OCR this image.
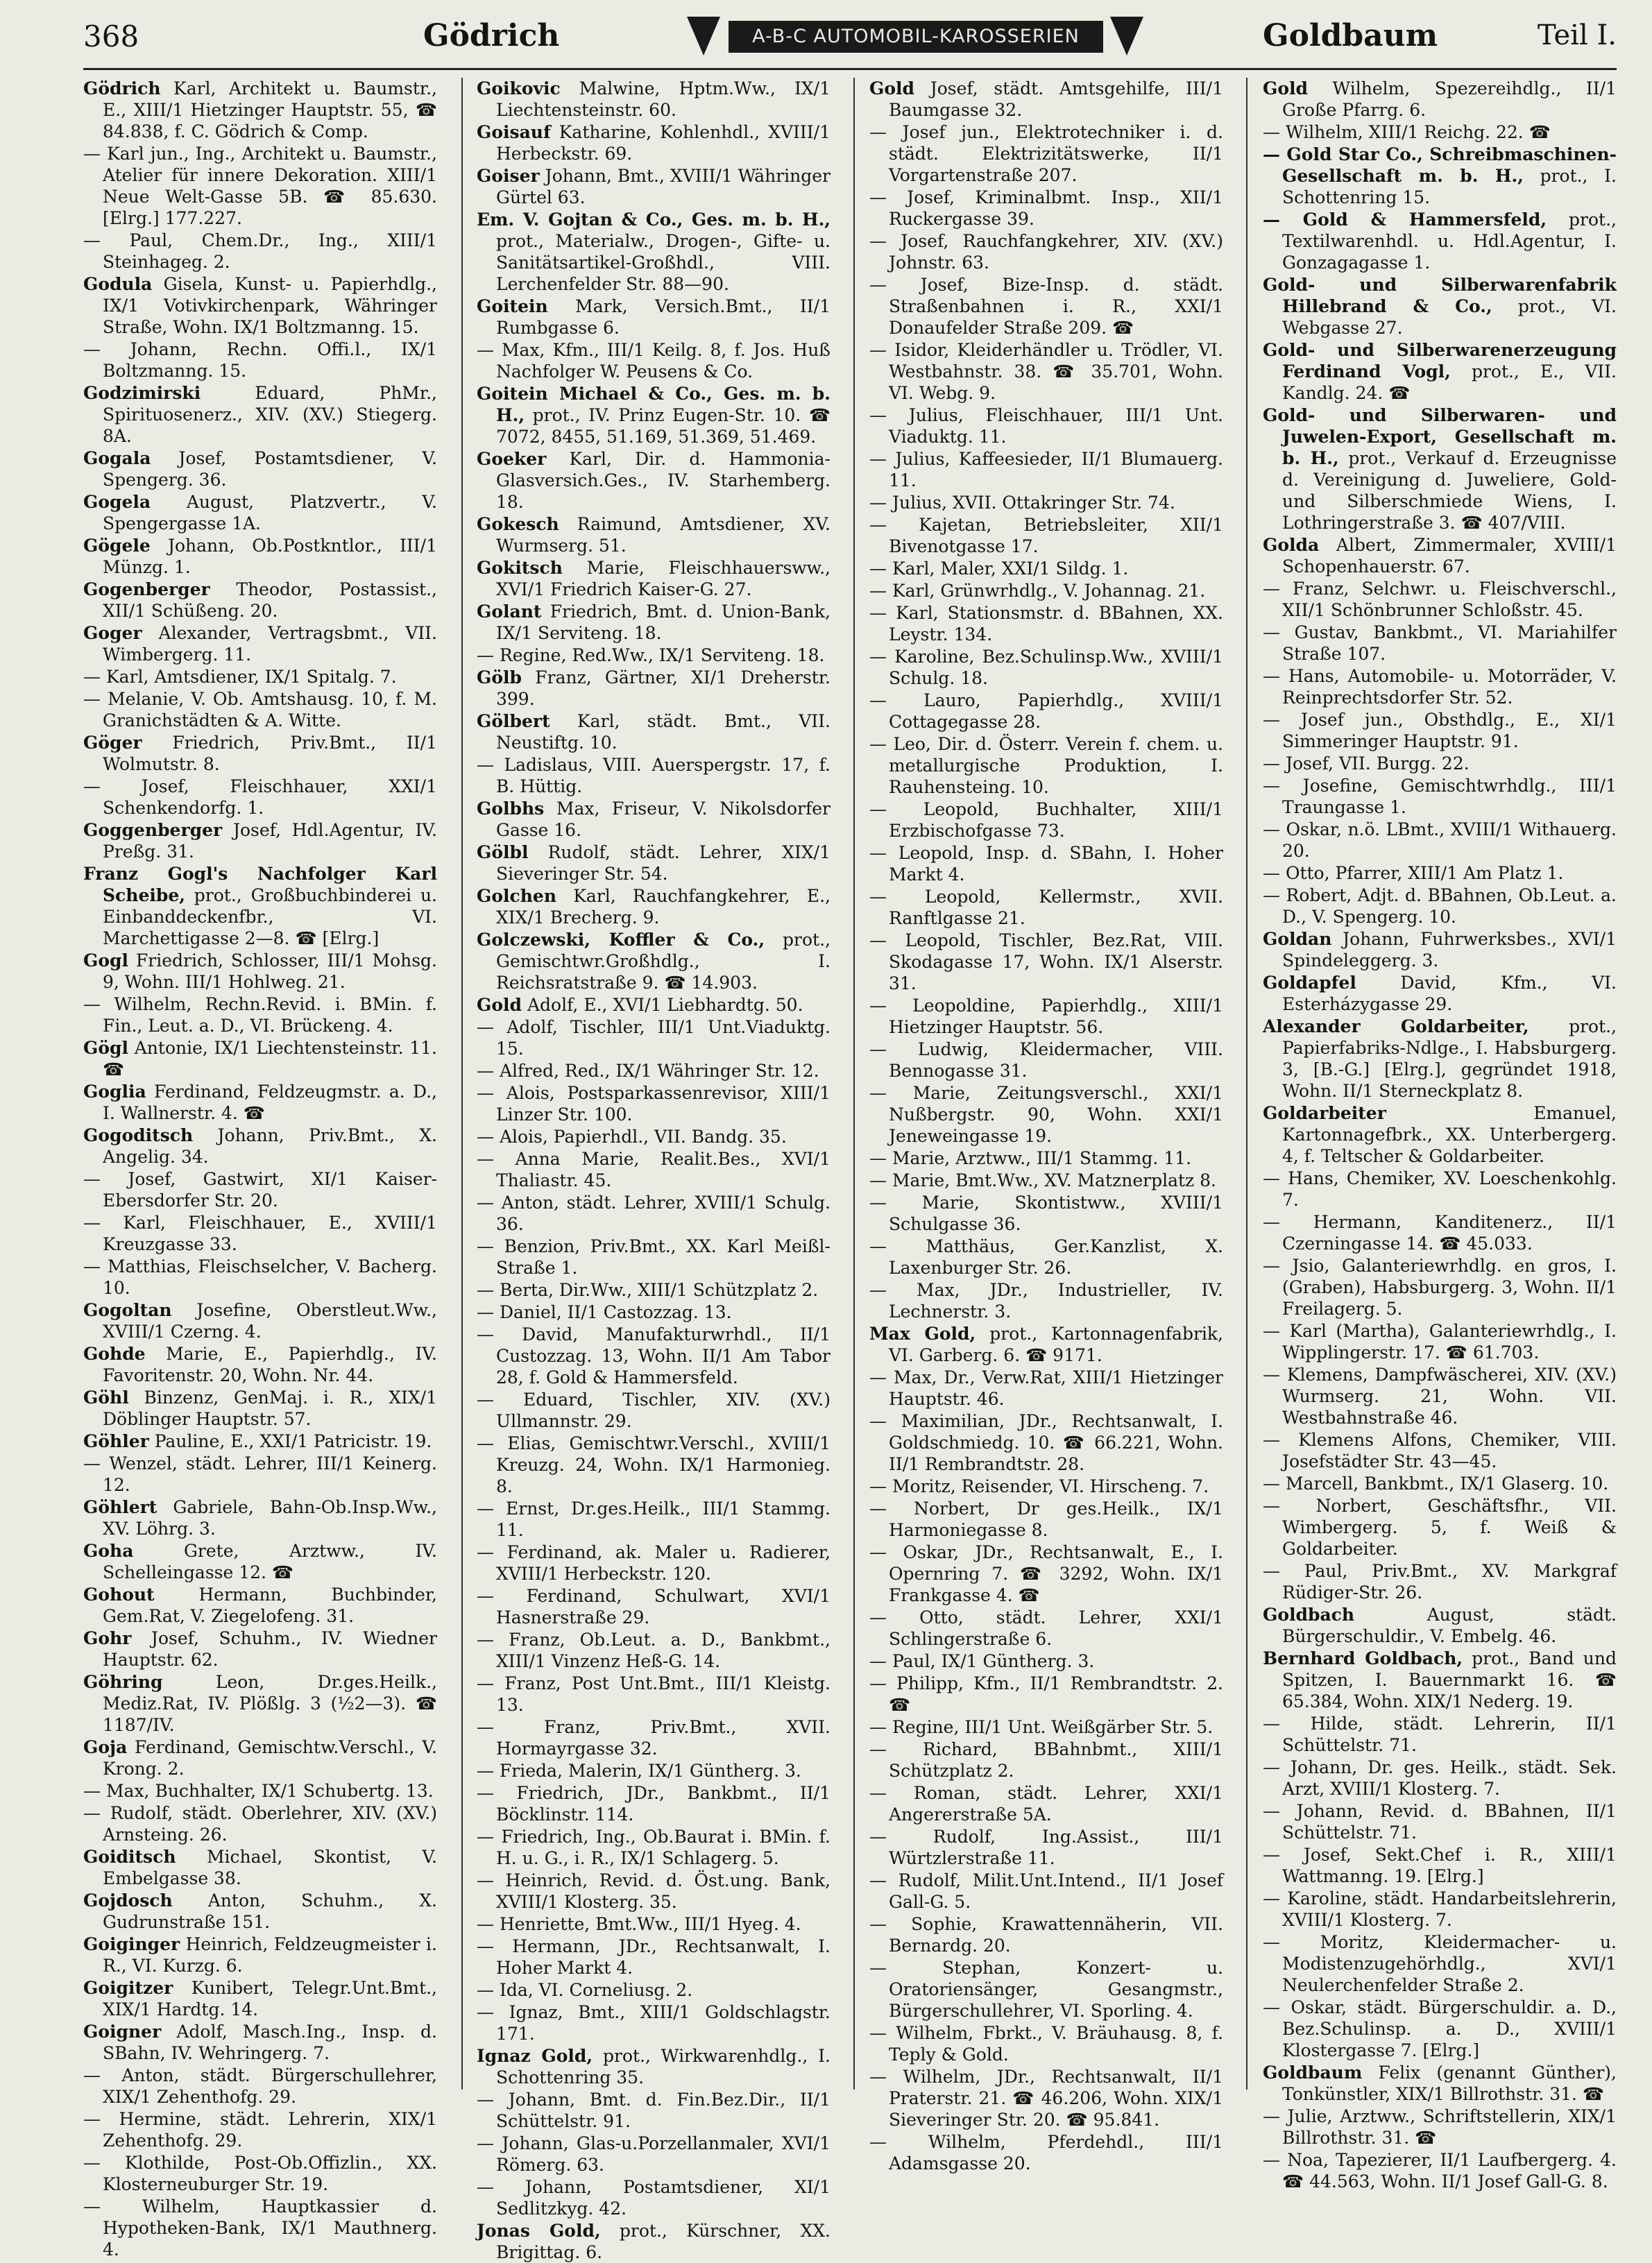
368	Gödrich	A-B-C AUTOMOBIL-KAROSSERIEN	Goldbaum	Teil I.

Gödrich Karl, Architekt u. Baumstr., E., XIII/1 Hietzinger Hauptstr. 55, ☎ 84.838, f. C. Gödrich & Comp.

— Karl jun., Ing., Architekt u. Baumstr., Atelier für innere Dekoration. XIII/1 Neue Welt-Gasse 5B. ☎ 85.630. [Elrg.] 177.227.

— Paul, Chem.Dr., Ing., XIII/1 Steinhageg. 2.

Godula Gisela, Kunst- u. Papierhdlg., IX/1 Votivkirchenpark, Währinger Straße, Wohn. IX/1 Boltzmanng. 15.

— Johann, Rechn. Offi.l., IX/1 Boltzmanng. 15.

Godzimirski	Eduard, PhMr., Spirituosenerz., XIV. (XV.) Stiegerg. 8A.

Gogala Josef, Postamtsdiener, V. Spengerg. 36.

Gogela August, Platzvertr., V. Spengergasse 1A.

Gögele Johann, Ob.Postkntlor., III/1 Münzg. 1.

Gogenberger Theodor, Postassist., XII/1 Schüßeng. 20.

Goger Alexander, Vertragsbmt., VII. Wimbergerg. 11.

— Karl, Amtsdiener, IX/1 Spitalg. 7.

— Melanie, V. Ob. Amtshausg. 10, f. M. Granichstädten & A. Witte.

Göger Friedrich, Priv.Bmt., II/1 Wolmutstr. 8.

— Josef, Fleischhauer, XXI/1 Schenkendorfg. 1.

Goggenberger Josef, Hdl.Agentur, IV. Preßg. 31.

Franz Gogl's Nachfolger Karl Scheibe, prot., Großbuchbinderei u. Einbanddeckenfbr., VI. Marchettigasse 2—8. ☎ [Elrg.]

Gogl Friedrich, Schlosser, III/1 Mohsg. 9, Wohn. III/1 Hohlweg. 21.

— Wilhelm, Rechn.Revid. i. BMin. f. Fin., Leut. a. D., VI. Brückeng. 4.

Gögl Antonie, IX/1 Liechtensteinstr. 11. ☎

Goglia Ferdinand, Feldzeugmstr. a. D., I. Wallnerstr. 4. ☎

Gogoditsch Johann, Priv.Bmt., X. Angelig. 34.

— Josef, Gastwirt, XI/1 Kaiser-Ebersdorfer Str. 20.

— Karl, Fleischhauer, E., XVIII/1 Kreuzgasse 33.

— Matthias, Fleischselcher, V. Bacherg. 10.

Gogoltan Josefine, Oberstleut.Ww., XVIII/1 Czerng. 4.

Gohde Marie, E., Papierhdlg., IV. Favoritenstr. 20, Wohn. Nr. 44.

Göhl Binzenz, GenMaj. i. R., XIX/1 Döblinger Hauptstr. 57.

Göhler Pauline, E., XXI/1 Patricistr. 19.

— Wenzel, städt. Lehrer, III/1 Keinerg. 12.

Göhlert Gabriele, Bahn-Ob.Insp.Ww., XV. Löhrg. 3.

Goha	Grete, Arztww., IV. Schelleingasse 12. ☎

Gohout	Hermann, Buchbinder, Gem.Rat, V. Ziegelofeng. 31.

Gohr Josef, Schuhm., IV. Wiedner Hauptstr. 62.

Göhring	Leon, Dr.ges.Heilk., Mediz.Rat, IV. Plößlg. 3 (½2—3). ☎ 1187/IV.

Goja Ferdinand, Gemischtw.Verschl., V. Krong. 2.

— Max, Buchhalter, IX/1 Schubertg. 13.

— Rudolf, städt. Oberlehrer, XIV. (XV.) Arnsteing. 26.

Goiditsch Michael, Skontist, V. Embelgasse 38.

Gojdosch Anton, Schuhm., X. Gudrunstraße 151.

Goiginger Heinrich, Feldzeugmeister i. R., VI. Kurzg. 6.

Goigitzer Kunibert, Telegr.Unt.Bmt., XIX/1 Hardtg. 14.

Goigner Adolf, Masch.Ing., Insp. d. SBahn, IV. Wehringerg. 7.

— Anton, städt. Bürgerschullehrer, XIX/1 Zehenthofg. 29.

— Hermine, städt. Lehrerin, XIX/1 Zehenthofg. 29.

— Klothilde, Post-Ob.Offizlin., XX. Klosterneuburger Str. 19.

— Wilhelm, Hauptkassier d. Hypotheken-Bank, IX/1 Mauthnerg. 4.

Goikovic Malwine, Hptm.Ww., IX/1 Liechtensteinstr. 60.

Goisauf Katharine, Kohlenhdl., XVIII/1 Herbeckstr. 69.

Goiser Johann, Bmt., XVIII/1 Währinger Gürtel 63.

Em. V. Gojtan & Co., Ges. m. b. H., prot., Materialw., Drogen-, Gifte- u. Sanitätsartikel-Großhdl., VIII. Lerchenfelder Str. 88—90.

Goitein Mark, Versich.Bmt., II/1 Rumbgasse 6.

— Max, Kfm., III/1 Keilg. 8, f. Jos. Huß Nachfolger W. Peusens & Co.

Goitein Michael & Co., Ges. m. b. H., prot., IV. Prinz Eugen-Str. 10. ☎ 7072, 8455, 51.169, 51.369, 51.469.

Goeker Karl, Dir. d. Hammonia-Glasversich.Ges., IV. Starhemberg. 18.

Gokesch Raimund, Amtsdiener, XV. Wurmserg. 51.

Gokitsch Marie, Fleischhauersww., XVI/1 Friedrich Kaiser-G. 27.

Golant Friedrich, Bmt. d. Union-Bank, IX/1 Serviteng. 18.

— Regine, Red.Ww., IX/1 Serviteng. 18.

Gölb Franz, Gärtner, XI/1 Dreherstr. 399.

Gölbert Karl, städt. Bmt., VII. Neustiftg. 10.

— Ladislaus, VIII. Auerspergstr. 17, f. B. Hüttig.

Golbhs Max, Friseur, V. Nikolsdorfer Gasse 16.

Gölbl Rudolf, städt. Lehrer, XIX/1 Sieveringer Str. 54.

Golchen Karl, Rauchfangkehrer, E., XIX/1 Brecherg. 9.

Golczewski, Koffler & Co., prot., Gemischtwr.Großhdlg., I. Reichsratstraße 9. ☎ 14.903.

Gold Adolf, E., XVI/1 Liebhardtg. 50.

— Adolf, Tischler, III/1 Unt.Viaduktg. 15.

— Alfred, Red., IX/1 Währinger Str. 12.

— Alois, Postsparkassenrevisor, XIII/1 Linzer Str. 100.

— Alois, Papierhdl., VII. Bandg. 35.

— Anna Marie, Realit.Bes., XVI/1 Thaliastr. 45.

— Anton, städt. Lehrer, XVIII/1 Schulg. 36.

— Benzion, Priv.Bmt., XX. Karl Meißl-Straße 1.

— Berta, Dir.Ww., XIII/1 Schützplatz 2.

— Daniel, II/1 Castozzag. 13.

— David, Manufakturwrhdl., II/1 Custozzag. 13, Wohn. II/1 Am Tabor 28, f. Gold & Hammersfeld.

— Eduard, Tischler, XIV. (XV.) Ullmannstr. 29.

— Elias, Gemischtwr.Verschl., XVIII/1 Kreuzg. 24, Wohn. IX/1 Harmonieg. 8.

— Ernst, Dr.ges.Heilk., III/1 Stammg. 11.

— Ferdinand, ak. Maler u. Radierer, XVIII/1 Herbeckstr. 120.

— Ferdinand, Schulwart, XVI/1 Hasnerstraße 29.

— Franz, Ob.Leut. a. D., Bankbmt., XIII/1 Vinzenz Heß-G. 14.

— Franz, Post Unt.Bmt., III/1 Kleistg. 13.

— Franz, Priv.Bmt., XVII. Hormayrgasse 32.

— Frieda, Malerin, IX/1 Güntherg. 3.

— Friedrich, JDr., Bankbmt., II/1 Böcklinstr. 114.

— Friedrich, Ing., Ob.Baurat i. BMin. f. H. u. G., i. R., IX/1 Schlagerg. 5.

— Heinrich, Revid. d. Öst.ung. Bank, XVIII/1 Klosterg. 35.

— Henriette, Bmt.Ww., III/1 Hyeg. 4.

— Hermann, JDr., Rechtsanwalt, I. Hoher Markt 4.

— Ida, VI. Corneliusg. 2.

— Ignaz, Bmt., XIII/1 Goldschlagstr. 171.

Ignaz Gold, prot., Wirkwarenhdlg., I. Schottenring 35.

— Johann, Bmt. d. Fin.Bez.Dir., II/1 Schüttelstr. 91.

— Johann, Glas-u.Porzellanmaler, XVI/1 Römerg. 63.

— Johann, Postamtsdiener, XI/1 Sedlitzkyg. 42.

Jonas Gold, prot., Kürschner, XX. Brigittag. 6.

Gold Josef, städt. Amtsgehilfe, III/1 Baumgasse 32.

— Josef jun., Elektrotechniker i. d. städt. Elektrizitätswerke, II/1 Vorgartenstraße 207.

— Josef, Kriminalbmt. Insp., XII/1 Ruckergasse 39.

— Josef, Rauchfangkehrer, XIV. (XV.) Johnstr. 63.

— Josef, Bize-Insp. d. städt. Straßenbahnen i. R., XXI/1 Donaufelder Straße 209. ☎

— Isidor, Kleiderhändler u. Trödler, VI. Westbahnstr. 38. ☎ 35.701, Wohn. VI. Webg. 9.

— Julius, Fleischhauer, III/1 Unt. Viaduktg. 11.

— Julius, Kaffeesieder, II/1 Blumauerg. 11.

— Julius, XVII. Ottakringer Str. 74.

— Kajetan, Betriebsleiter, XII/1 Bivenotgasse 17.

— Karl, Maler, XXI/1 Sildg. 1.

— Karl, Grünwrhdlg., V. Johannag. 21.

— Karl, Stationsmstr. d. BBahnen, XX. Leystr. 134.

— Karoline, Bez.Schulinsp.Ww., XVIII/1 Schulg. 18.

— Lauro, Papierhdlg., XVIII/1 Cottagegasse 28.

— Leo, Dir. d. Österr. Verein f. chem. u. metallurgische Produktion, I. Rauhensteing. 10.

— Leopold, Buchhalter, XIII/1 Erzbischofgasse 73.

— Leopold, Insp. d. SBahn, I. Hoher Markt 4.

— Leopold, Kellermstr., XVII. Ranftlgasse 21.

— Leopold, Tischler, Bez.Rat, VIII. Skodagasse 17, Wohn. IX/1 Alserstr. 31.

— Leopoldine, Papierhdlg., XIII/1 Hietzinger Hauptstr. 56.

— Ludwig, Kleidermacher, VIII. Bennogasse 31.

— Marie, Zeitungsverschl., XXI/1 Nußbergstr. 90, Wohn. XXI/1 Jeneweingasse 19.

— Marie, Arztww., III/1 Stammg. 11.

— Marie, Bmt.Ww., XV. Matznerplatz 8.

— Marie, Skontistww., XVIII/1 Schulgasse 36.

— Matthäus, Ger.Kanzlist, X. Laxenburger Str. 26.

— Max, JDr., Industrieller, IV. Lechnerstr. 3.

Max Gold, prot., Kartonnagenfabrik, VI. Garberg. 6. ☎ 9171.

— Max, Dr., Verw.Rat, XIII/1 Hietzinger Hauptstr. 46.

— Maximilian, JDr., Rechtsanwalt, I. Goldschmiedg. 10. ☎ 66.221, Wohn. II/1 Rembrandtstr. 28.

— Moritz, Reisender, VI. Hirscheng. 7.

— Norbert, Dr ges.Heilk., IX/1 Harmoniegasse 8.

— Oskar, JDr., Rechtsanwalt, E., I. Opernring 7. ☎ 3292, Wohn. IX/1 Frankgasse 4. ☎

— Otto, städt. Lehrer, XXI/1 Schlingerstraße 6.

— Paul, IX/1 Güntherg. 3.

— Philipp, Kfm., II/1 Rembrandtstr. 2. ☎

— Regine, III/1 Unt. Weißgärber Str. 5.

— Richard, BBahnbmt., XIII/1 Schützplatz 2.

— Roman, städt. Lehrer, XXI/1 Angererstraße 5A.

— Rudolf, Ing.Assist., III/1 Würtzlerstraße 11.

— Rudolf, Milit.Unt.Intend., II/1 Josef Gall-G. 5.

— Sophie, Krawattennäherin, VII. Bernardg. 20.

— Stephan, Konzert- u. Oratoriensänger, Gesangmstr., Bürgerschullehrer, VI. Sporling. 4.

— Wilhelm, Fbrkt., V. Bräuhausg. 8, f. Teply & Gold.

— Wilhelm, JDr., Rechtsanwalt, II/1 Praterstr. 21. ☎ 46.206, Wohn. XIX/1 Sieveringer Str. 20. ☎ 95.841.

— Wilhelm, Pferdehdl., III/1 Adamsgasse 20.

Gold Wilhelm, Spezereihdlg., II/1 Große Pfarrg. 6.

— Wilhelm, XIII/1 Reichg. 22. ☎

— Gold Star Co., Schreibmaschinen-Gesellschaft m. b. H., prot., I. Schottenring 15.

— Gold & Hammersfeld, prot., Textilwarenhdl. u. Hdl.Agentur, I. Gonzagagasse 1.

Gold- und Silberwarenfabrik Hillebrand & Co., prot., VI. Webgasse 27.

Gold- und Silberwarenerzeugung Ferdinand Vogl, prot., E., VII. Kandlg. 24. ☎

Gold- und Silberwaren- und Juwelen-Export, Gesellschaft m. b. H., prot., Verkauf d. Erzeugnisse d. Vereinigung d. Juweliere, Gold- und Silberschmiede Wiens, I. Lothringerstraße 3. ☎ 407/VIII.

Golda Albert, Zimmermaler, XVIII/1 Schopenhauerstr. 67.

— Franz, Selchwr. u. Fleischverschl., XII/1 Schönbrunner Schloßstr. 45.

— Gustav, Bankbmt., VI. Mariahilfer Straße 107.

— Hans, Automobile- u. Motorräder, V. Reinprechtsdorfer Str. 52.

— Josef jun., Obsthdlg., E., XI/1 Simmeringer Hauptstr. 91.

— Josef, VII. Burgg. 22.

— Josefine, Gemischtwrhdlg., III/1 Traungasse 1.

— Oskar, n.ö. LBmt., XVIII/1 Withauerg. 20.

— Otto, Pfarrer, XIII/1 Am Platz 1.

— Robert, Adjt. d. BBahnen, Ob.Leut. a. D., V. Spengerg. 10.

Goldan Johann, Fuhrwerksbes., XVI/1 Spindeleggerg. 3.

Goldapfel	David, Kfm., VI. Esterházygasse 29.

Alexander Goldarbeiter, prot., Papierfabriks-Ndlge., I. Habsburgerg. 3, [B.-G.] [Elrg.], gegründet 1918, Wohn. II/1 Sterneckplatz 8.

Goldarbeiter	Emanuel, Kartonnagefbrk., XX. Unterbergerg. 4, f. Teltscher & Goldarbeiter.

— Hans, Chemiker, XV. Loeschenkohlg. 7.

— Hermann, Kanditenerz., II/1 Czerningasse 14. ☎ 45.033.

— Jsio, Galanteriewrhdlg. en gros, I. (Graben), Habsburgerg. 3, Wohn. II/1 Freilagerg. 5.

— Karl (Martha), Galanteriewrhdlg., I. Wipplingerstr. 17. ☎ 61.703.

— Klemens, Dampfwäscherei, XIV. (XV.) Wurmserg. 21, Wohn. VII. Westbahnstraße 46.

— Klemens Alfons, Chemiker, VIII. Josefstädter Str. 43—45.

— Marcell, Bankbmt., IX/1 Glaserg. 10.

— Norbert, Geschäftsfhr., VII. Wimbergerg. 5, f. Weiß & Goldarbeiter.

— Paul, Priv.Bmt., XV. Markgraf Rüdiger-Str. 26.

Goldbach	August, städt. Bürgerschuldir., V. Embelg. 46.

Bernhard Goldbach, prot., Band und Spitzen, I. Bauernmarkt 16. ☎ 65.384, Wohn. XIX/1 Nederg. 19.

— Hilde, städt. Lehrerin, II/1 Schüttelstr. 71.

— Johann, Dr. ges. Heilk., städt. Sek. Arzt, XVIII/1 Klosterg. 7.

— Johann, Revid. d. BBahnen, II/1 Schüttelstr. 71.

— Josef, Sekt.Chef i. R., XIII/1 Wattmanng. 19. [Elrg.]

— Karoline, städt. Handarbeitslehrerin, XVIII/1 Klosterg. 7.

— Moritz, Kleidermacher- u. Modistenzugehörhdlg., XVI/1 Neulerchenfelder Straße 2.

— Oskar, städt. Bürgerschuldir. a. D., Bez.Schulinsp. a. D., XVIII/1 Klostergasse 7. [Elrg.]

Goldbaum Felix (genannt Günther), Tonkünstler, XIX/1 Billrothstr. 31. ☎

— Julie, Arztww., Schriftstellerin, XIX/1 Billrothstr. 31. ☎

— Noa, Tapezierer, II/1 Laufbergerg. 4. ☎ 44.563, Wohn. II/1 Josef Gall-G. 8.
